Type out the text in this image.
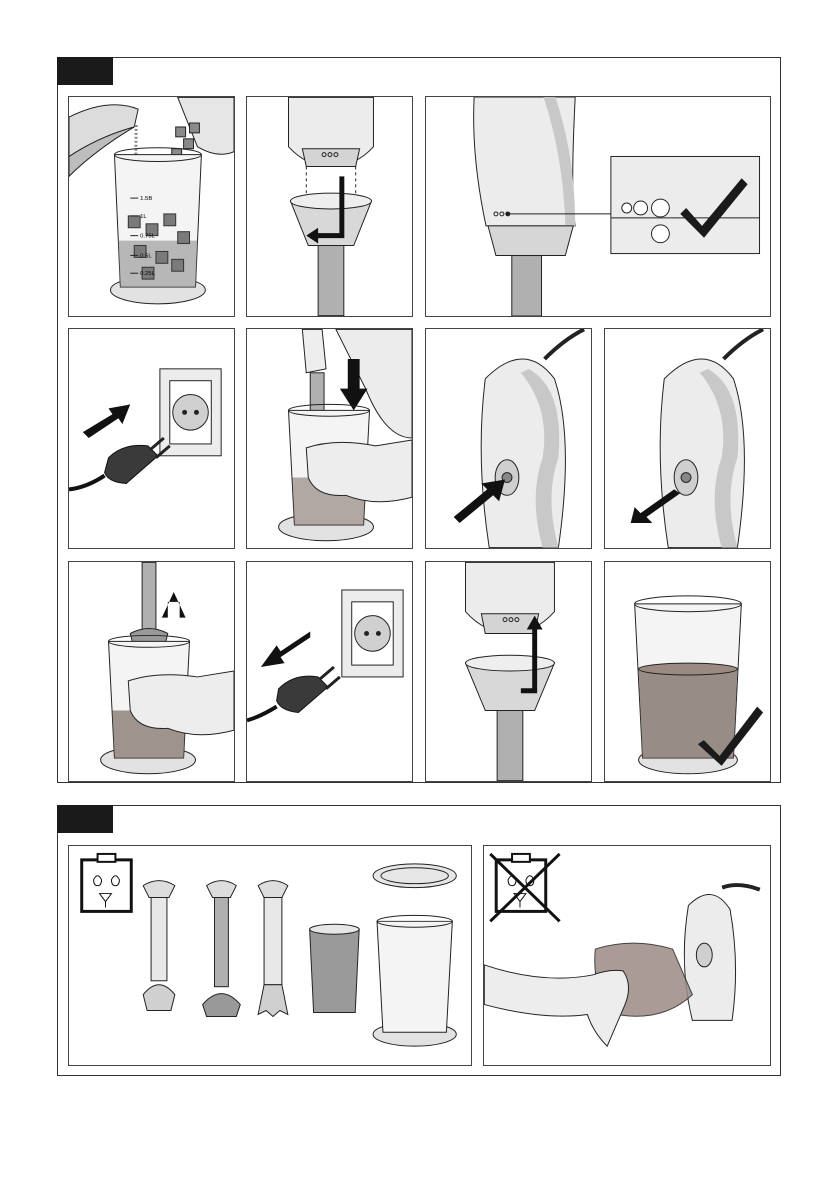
1.5B
1L
0.75L
0.5L
0.25L
